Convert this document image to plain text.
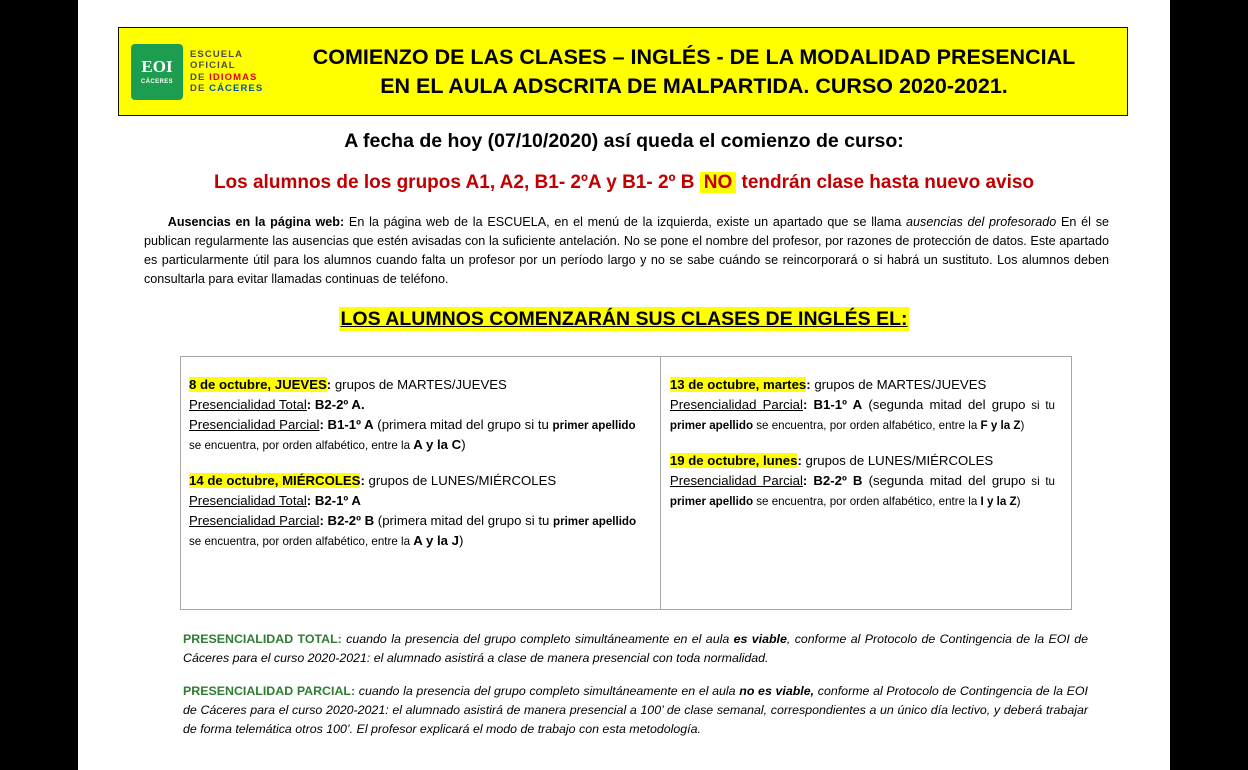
EOI
CÁCERES
ESCUELA
OFICIAL
DE IDIOMAS
DE CÁCERES
COMIENZO DE LAS CLASES – INGLÉS - DE LA MODALIDAD PRESENCIAL
EN EL AULA ADSCRITA DE MALPARTIDA. CURSO 2020-2021.
A fecha de hoy (07/10/2020) así queda el comienzo de curso:
Los alumnos de los grupos A1, A2, B1- 2ºA y B1- 2º B NO tendrán clase hasta nuevo aviso
Ausencias en la página web: En la página web de la ESCUELA, en el menú de la izquierda, existe un apartado que se llama ausencias del profesorado En él se publican regularmente las ausencias que estén avisadas con la suficiente antelación. No se pone el nombre del profesor, por razones de protección de datos. Este apartado es particularmente útil para los alumnos cuando falta un profesor por un período largo y no se sabe cuándo se reincorporará o si habrá un sustituto. Los alumnos deben consultarla para evitar llamadas continuas de teléfono.
LOS ALUMNOS COMENZARÁN SUS CLASES DE INGLÉS EL:
8 de octubre, JUEVES: grupos de MARTES/JUEVES
Presencialidad Total: B2-2º A.
Presencialidad Parcial: B1-1º A (primera mitad del grupo si tu primer apellido se encuentra, por orden alfabético, entre la A y la C)
14 de octubre, MIÉRCOLES: grupos de LUNES/MIÉRCOLES
Presencialidad Total: B2-1º A
Presencialidad Parcial: B2-2º B (primera mitad del grupo si tu primer apellido se encuentra, por orden alfabético, entre la A y la J)
13 de octubre, martes: grupos de MARTES/JUEVES
Presencialidad Parcial: B1-1º A (segunda mitad del grupo si tu primer apellido se encuentra, por orden alfabético, entre la F y la Z)
19 de octubre, lunes: grupos de LUNES/MIÉRCOLES
Presencialidad Parcial: B2-2º B (segunda mitad del grupo si tu primer apellido se encuentra, por orden alfabético, entre la I y la Z)
PRESENCIALIDAD TOTAL: cuando la presencia del grupo completo simultáneamente en el aula es viable, conforme al Protocolo de Contingencia de la EOI de Cáceres para el curso 2020-2021: el alumnado asistirá a clase de manera presencial con toda normalidad.
PRESENCIALIDAD PARCIAL: cuando la presencia del grupo completo simultáneamente en el aula no es viable, conforme al Protocolo de Contingencia de la EOI de Cáceres para el curso 2020-2021: el alumnado asistirá de manera presencial a 100’ de clase semanal, correspondientes a un único día lectivo, y deberá trabajar de forma telemática otros 100’. El profesor explicará el modo de trabajo con esta metodología.
